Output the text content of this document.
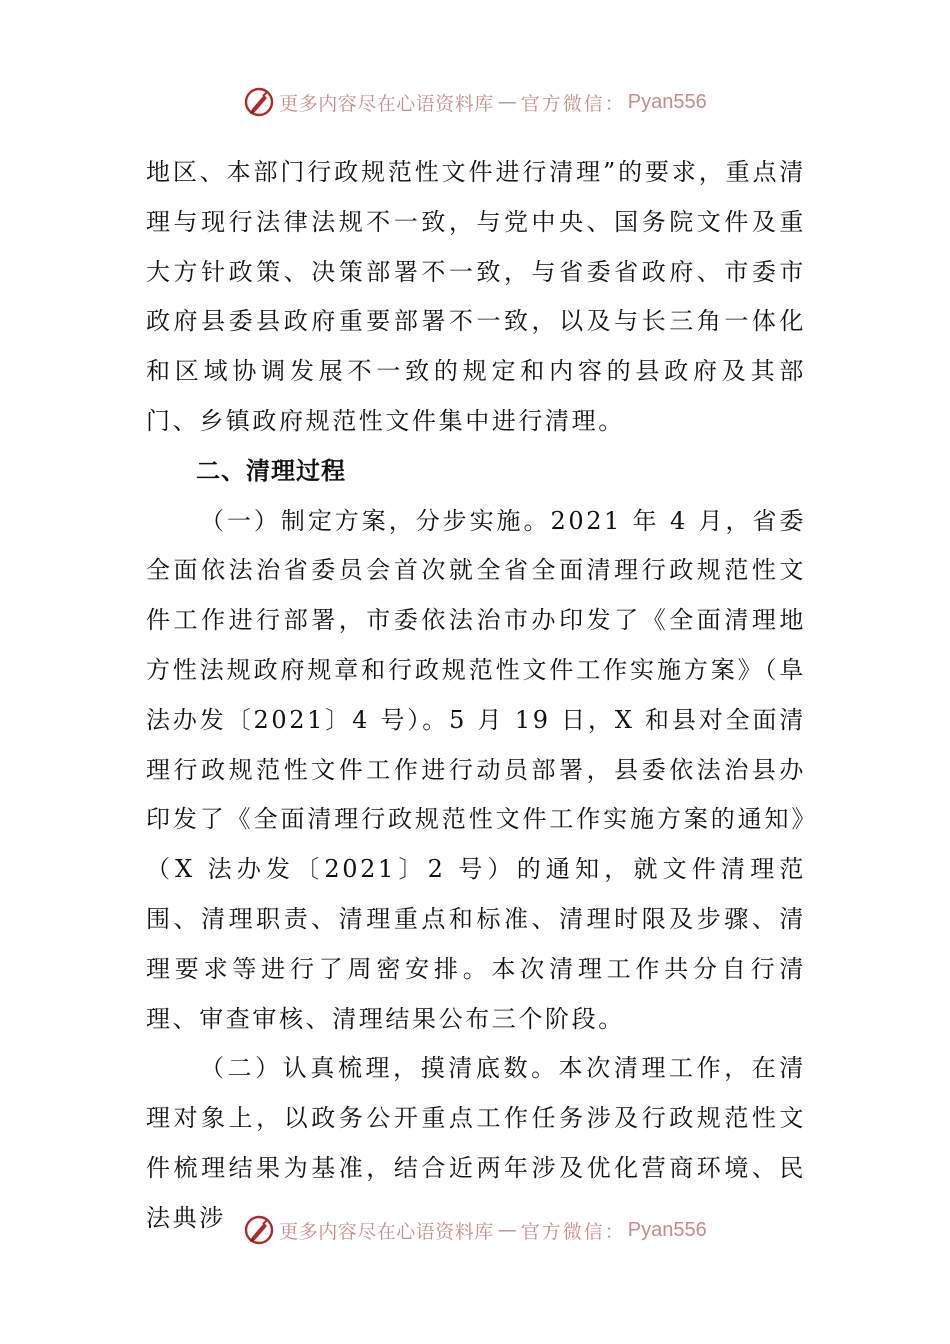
更多内容尽在心语资料库 — 官方微信： Pyan556

地区、本部门行政规范性文件进行清理”的要求，重点清理与现行法律法规不一致，与党中央、国务院文件及重大方针政策、决策部署不一致，与省委省政府、市委市政府县委县政府重要部署不一致，以及与长三角一体化和区域协调发展不一致的规定和内容的县政府及其部门、乡镇政府规范性文件集中进行清理。

二、清理过程

（一）制定方案，分步实施。2021 年 4 月，省委全面依法治省委员会首次就全省全面清理行政规范性文件工作进行部署，市委依法治市办印发了《全面清理地方性法规政府规章和行政规范性文件工作实施方案》（阜法办发〔2021〕4 号）。5 月 19 日，X 和县对全面清理行政规范性文件工作进行动员部署，县委依法治县办印发了《全面清理行政规范性文件工作实施方案的通知》（X 法办发〔2021〕2 号）的通知，就文件清理范围、清理职责、清理重点和标准、清理时限及步骤、清理要求等进行了周密安排。本次清理工作共分自行清理、审查审核、清理结果公布三个阶段。

（二）认真梳理，摸清底数。本次清理工作，在清理对象上，以政务公开重点工作任务涉及行政规范性文件梳理结果为基准，结合近两年涉及优化营商环境、民法典涉	更多内容尽在心语资料库 — 官方微信： Pyan556
